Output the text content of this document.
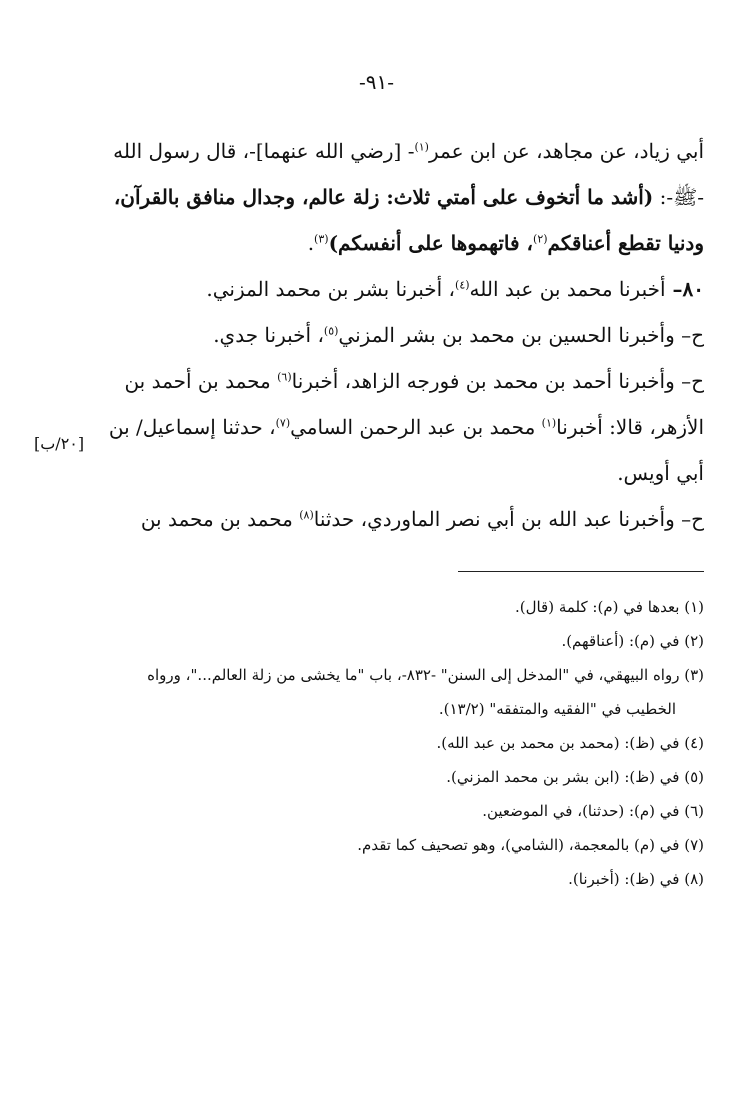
-٩١-
أبي زياد، عن مجاهد، عن ابن عمر$^{(١)}$- [رضي الله عنهما]-، قال رسول الله
-ﷺ-: (أشد ما أتخوف على أمتي ثلاث: زلة عالم، وجدال منافق بالقرآن،
ودنيا تقطع أعناقكم$^{(٢)}$، فاتهموها على أنفسكم)$^{(٣)}$.
٨٠– أخبرنا محمد بن عبد الله$^{(٤)}$، أخبرنا بشر بن محمد المزني.
ح– وأخبرنا الحسين بن محمد بن بشر المزني$^{(٥)}$، أخبرنا جدي.
ح– وأخبرنا أحمد بن محمد بن فورجه الزاهد، أخبرنا$^{(٦)}$ محمد بن أحمد بن
الأزهر، قالا: أخبرنا$^{(١)}$ محمد بن عبد الرحمن السامي$^{(٧)}$، حدثنا إسماعيل/ بن
أبي أويس.
ح– وأخبرنا عبد الله بن أبي نصر الماوردي، حدثنا$^{(٨)}$ محمد بن محمد بن
[٢٠/ب]
(١) بعدها في (م): كلمة (قال).
(٢) في (م): (أعناقهم).
(٣) رواه البيهقي، في "المدخل إلى السنن" -٨٣٢-، باب "ما يخشى من زلة العالم..."، ورواه
الخطيب في "الفقيه والمتفقه" (١٣/٢).
(٤) في (ظ): (محمد بن محمد بن عبد الله).
(٥) في (ظ): (ابن بشر بن محمد المزني).
(٦) في (م): (حدثنا)، في الموضعين.
(٧) في (م) بالمعجمة، (الشامي)، وهو تصحيف كما تقدم.
(٨) في (ظ): (أخبرنا).
